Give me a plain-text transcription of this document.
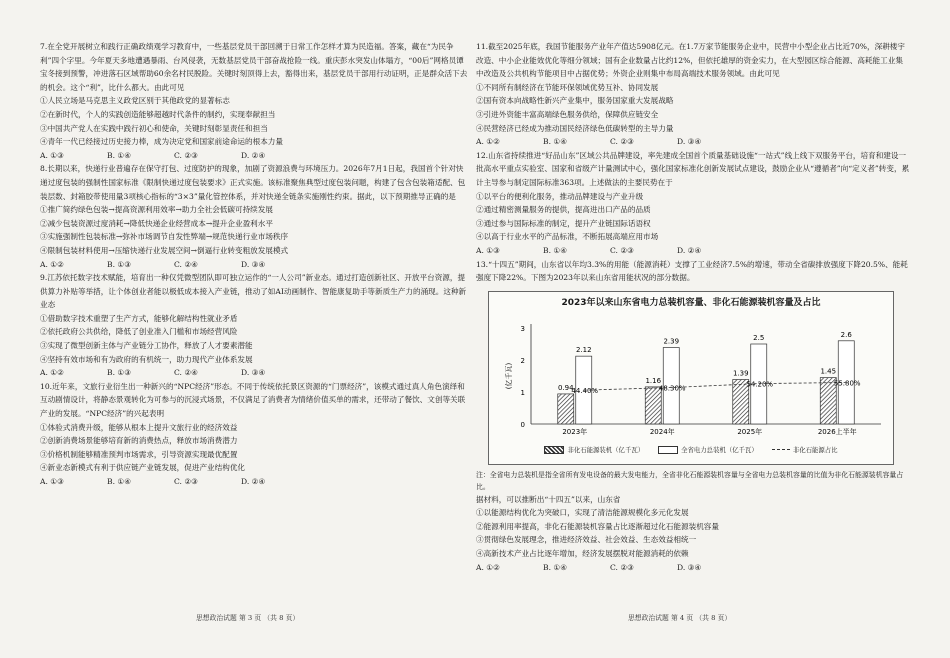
7.在全党开展树立和践行正确政绩观学习教育中，一些基层党员干部回溯于日常工作怎样才算为民造福。答案，藏在“为民争利”四个字里。今年夏天多地遭遇暴雨、台风侵袭，无数基层党员干部奋战抢险一线。重庆彭水突发山体塌方，“00后”网格员谭宝冬接到预警，冲进落石区域帮助60余名村民脱险。关键时刻顶得上去，豁得出来，基层党员干部用行动证明，正是群众活下去的机会。这个“利”，比什么都大。由此可见

①人民立场是马克思主义政党区别于其他政党的显著标志

②在新时代，个人的实践创造能够超越时代条件的制约，实现奉献担当

③中国共产党人在实践中践行初心和使命，关键时刻彰显责任和担当

④青年一代已经接过历史接力棒，成为决定党和国家前途命运的根本力量

A. ①③	B. ①④	C. ②③	D. ②④

8.长期以来，快递行业普遍存在保守打包、过度防护的现象，加剧了资源浪费与环境压力。2026年7月1日起，我国首个针对快递过度包装的强制性国家标准《限制快递过度包装要求》正式实施。该标准聚焦典型过度包装问题，构建了包含包装箱适配、包装层数、封箱胶带使用量3项核心指标的“3×3”量化管控体系，并对快递全链条实施刚性约束。据此，以下预期推导正确的是

①推广简约绿色包装→提高资源利用效率→助力全社会低碳可持续发展

②减少包装资源过度消耗→降低快递企业经营成本→提升企业盈利水平

③实施强制性包装标准→弥补市场调节自发性弊端→规范快递行业市场秩序

④限制包装材料使用→压缩快递行业发展空间→倒逼行业转变粗放发展模式

A. ①②	B. ①③	C. ②④	D. ③④

9.江苏依托数字技术赋能，培育出一种仅凭微型团队即可独立运作的“一人公司”新业态。通过打造创新社区、开放平台资源，提供算力补贴等举措，让个体创业者能以极低成本接入产业链，推动了如AI动画制作、智能康复助手等新质生产力的涌现。这种新业态

①借助数字技术重塑了生产方式，能够化解结构性就业矛盾

②依托政府公共供给，降低了创业准入门槛和市场经营风险

③实现了微型创新主体与产业链分工协作，释放了人才要素潜能

④坚持有效市场和有为政府的有机统一，助力现代产业体系发展

A. ①②	B. ①③	C. ②④	D. ③④

10.近年来，文旅行业衍生出一种新兴的“NPC经济”形态。不同于传统依托景区资源的“门票经济”，该模式通过真人角色演绎和互动剧情设计，将静态景观转化为可参与的沉浸式场景，不仅满足了消费者为情绪价值买单的需求，还带动了餐饮、文创等关联产业的发展。“NPC经济”的兴起表明

①体验式消费升级，能够从根本上提升文旅行业的经济效益

②创新消费场景能够培育新的消费热点，释放市场消费潜力

③价格机制能够精准预判市场需求，引导资源实现最优配置

④新业态新模式有利于供应链产业链发展，促进产业结构优化

A. ①③	B. ①④	C. ②③	D. ②④
思想政治试题 第 3 页 （共 8 页）

11.截至2025年底，我国节能服务产业年产值达5908亿元。在1.7万家节能服务企业中，民营中小型企业占比近70%，深耕楼宇改造、中小企业能效优化等细分领域；国有企业数量占比约12%，但依托雄厚的资金实力，在大型园区综合能源、高耗能工业集中改造及公共机构节能项目中占据优势；外资企业则集中布局高端技术服务领域。由此可见

①不同所有制经济在节能环保领域优势互补、协同发展

②国有资本向战略性新兴产业集中，服务国家重大发展战略

③引进外资能丰富高端绿色服务供给，保障供应链安全

④民营经济已经成为推动国民经济绿色低碳转型的主导力量

A. ①②	B. ①④	C. ②③	D. ③④

12.山东省持续推进“好品山东”区域公共品牌建设，率先建成全国首个质量基础设施“一站式”线上线下双服务平台，培育和建设一批高水平重点实验室、国家和省级产计量测试中心，强化国家标准化创新发展试点建设，鼓励企业从“遵循者”向“定义者”转变，累计主导参与制定国际标准363项。上述做法的主要民势在于

①以平台的便利化服务，推动品牌建设与产业升级

②通过精密测量服务的提供，提高进出口产品的品质

③通过参与国际标准的制定，提升产业链国际话语权

④以高于行业水平的产品标准，不断拓展高端应用市场

A. ①③	B. ①④	C. ②③	D. ②④

13.“十四五”期间，山东省以年均3.3%的用能（能源消耗）支撑了工业经济7.5%的增速，带动全省碳排放强度下降20.5%、能耗强度下降22%。下图为2023年以来山东省用能状况的部分数据。

2023年以来山东省电力总装机容量、非化石能源装机容量及占比
0
1
2
3
(亿千瓦)	0.94
2.12
2023年
44.40%
1.16
2.39
2024年
48.30%
1.39
2.5
2025年
54.20%
1.45
2.6
2026上半年
55.80%
非化石能源装机（亿千瓦）	全省电力总装机（亿千瓦）	非化石能源占比

注：全省电力总装机是指全省所有发电设备的最大发电能力，全省非化石能源装机容量与全省电力总装机容量的比值为非化石能源装机容量占比。

据材料，可以推断出“十四五”以来，山东省

①以能源结构优化为突破口，实现了清洁能源规模化多元化发展

②能源利用率提高，非化石能源装机容量占比逐渐超过化石能源装机容量

③贯彻绿色发展理念，推进经济效益、社会效益、生态效益相统一

④高新技术产业占比逐年增加，经济发展摆脱对能源消耗的依赖

A. ①②	B. ①④	C. ②③	D. ③④
思想政治试题 第 4 页 （共 8 页）
